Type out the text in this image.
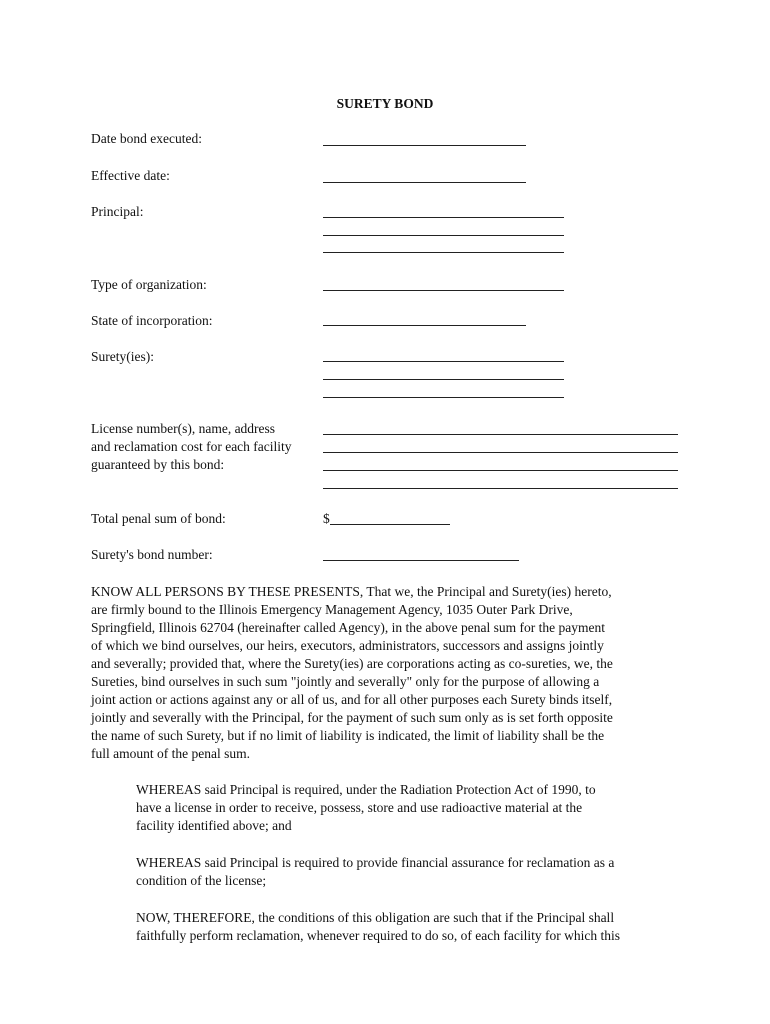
SURETY BOND
Date bond executed:
Effective date:
Principal:
Type of organization:
State of incorporation:
Surety(ies):
License number(s), name, address
and reclamation cost for each facility
guaranteed by this bond:
Total penal sum of bond:	$
Surety's bond number:
KNOW ALL PERSONS BY THESE PRESENTS, That we, the Principal and Surety(ies) hereto,
are firmly bound to the Illinois Emergency Management Agency, 1035 Outer Park Drive,
Springfield, Illinois 62704 (hereinafter called Agency), in the above penal sum for the payment
of which we bind ourselves, our heirs, executors, administrators, successors and assigns jointly
and severally; provided that, where the Surety(ies) are corporations acting as co-sureties, we, the
Sureties, bind ourselves in such sum "jointly and severally" only for the purpose of allowing a
joint action or actions against any or all of us, and for all other purposes each Surety binds itself,
jointly and severally with the Principal, for the payment of such sum only as is set forth opposite
the name of such Surety, but if no limit of liability is indicated, the limit of liability shall be the
full amount of the penal sum.
WHEREAS said Principal is required, under the Radiation Protection Act of 1990, to
have a license in order to receive, possess, store and use radioactive material at the
facility identified above; and
WHEREAS said Principal is required to provide financial assurance for reclamation as a
condition of the license;
NOW, THEREFORE, the conditions of this obligation are such that if the Principal shall
faithfully perform reclamation, whenever required to do so, of each facility for which this
